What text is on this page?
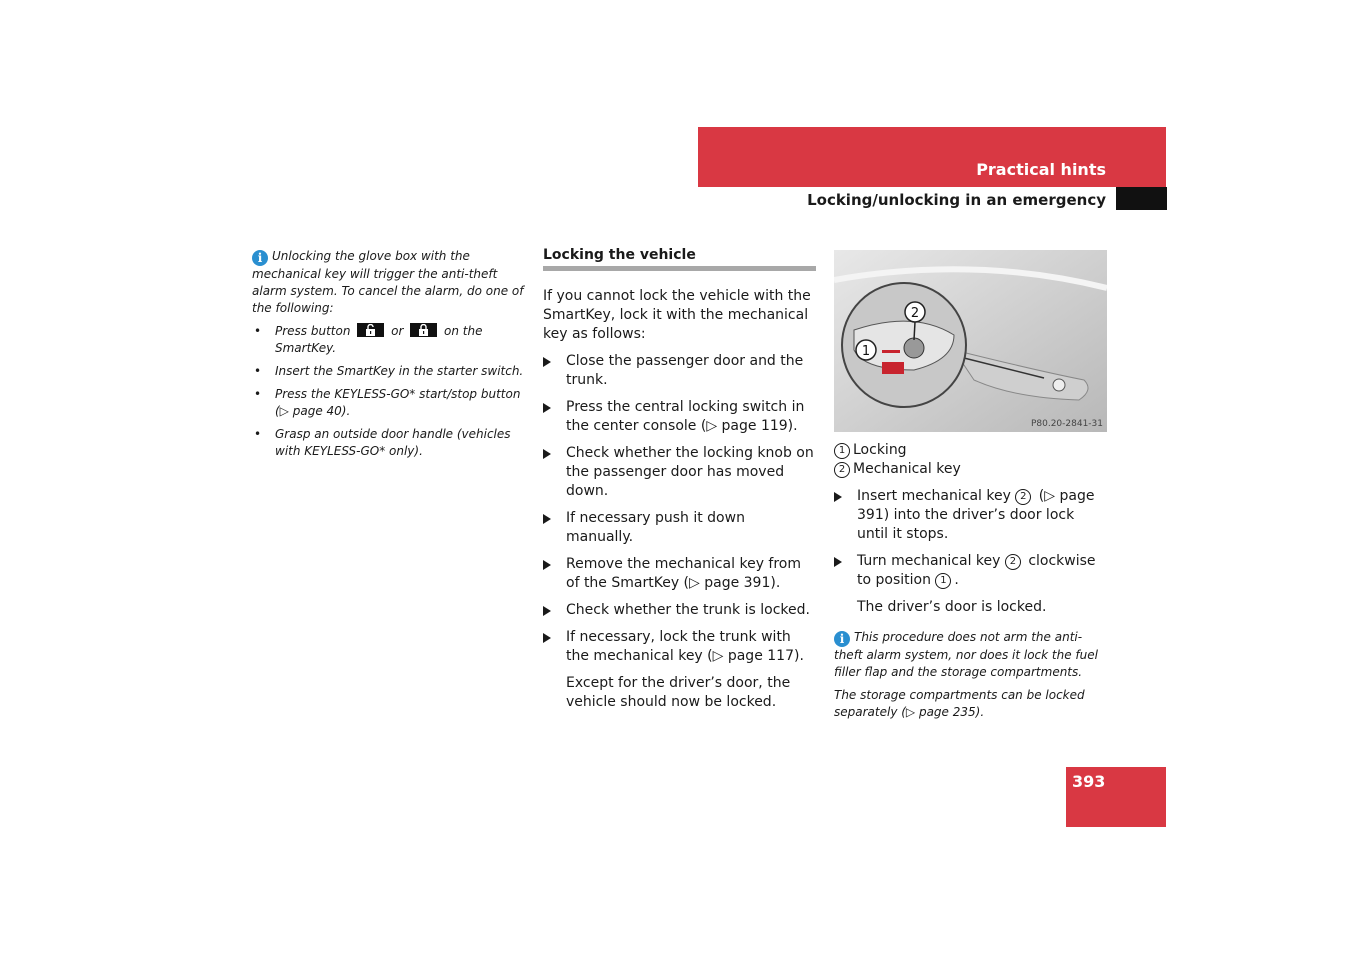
Practical hints
Locking/unlocking in an emergency
i Unlocking the glove box with the mechanical key will trigger the anti-theft alarm system. To cancel the alarm, do one of the following:
• Press button	or	on the SmartKey.
• Insert the SmartKey in the starter switch.
• Press the KEYLESS-GO* start/stop button (▷ page 40).
• Grasp an outside door handle (vehicles with KEYLESS-GO* only).
Locking the vehicle
If you cannot lock the vehicle with the SmartKey, lock it with the mechanical key as follows:
Close the passenger door and the trunk.
Press the central locking switch in the center console (▷ page 119).
Check whether the locking knob on the passenger door has moved down.
If necessary push it down manually.
Remove the mechanical key from of the SmartKey (▷ page 391).
Check whether the trunk is locked.
If necessary, lock the trunk with the mechanical key (▷ page 117).
Except for the driver’s door, the vehicle should now be locked.
1
2
P80.20-2841-31
1 Locking
2 Mechanical key
Insert mechanical key 2 (▷ page 391) into the driver’s door lock until it stops.
Turn mechanical key 2 clockwise to position 1 .
The driver’s door is locked.
i This procedure does not arm the anti-theft alarm system, nor does it lock the fuel filler flap and the storage compartments.
The storage compartments can be locked separately (▷ page 235).
393
